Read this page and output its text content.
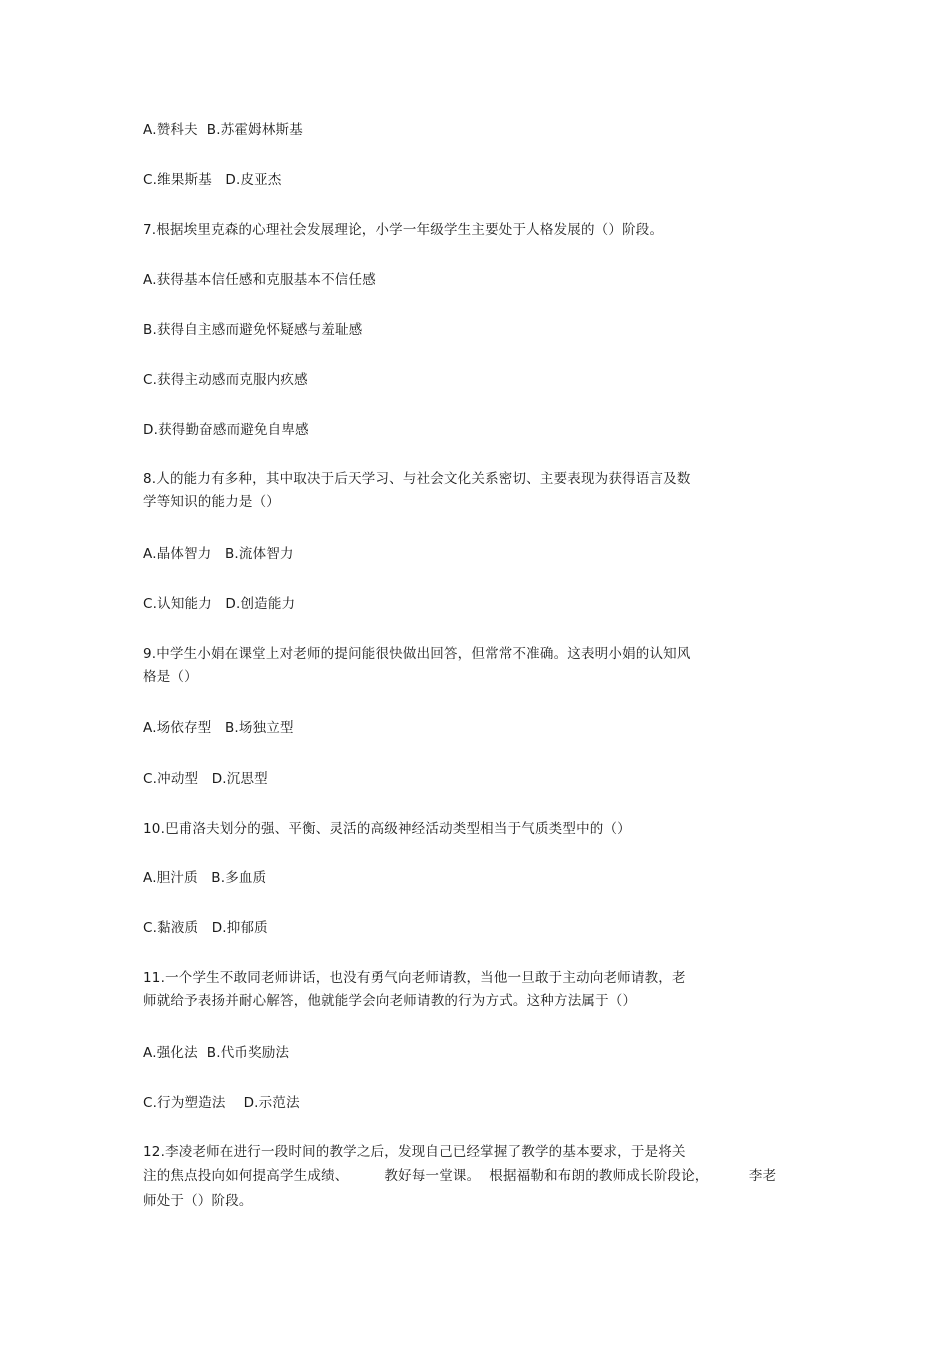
A.赞科夫  B.苏霍姆林斯基
C.维果斯基   D.皮亚杰
7.根据埃里克森的心理社会发展理论，小学一年级学生主要处于人格发展的（）阶段。
A.获得基本信任感和克服基本不信任感
B.获得自主感而避免怀疑感与羞耻感
C.获得主动感而克服内疚感
D.获得勤奋感而避免自卑感
8.人的能力有多种，其中取决于后天学习、与社会文化关系密切、主要表现为获得语言及数
学等知识的能力是（）
A.晶体智力   B.流体智力
C.认知能力   D.创造能力
9.中学生小娟在课堂上对老师的提问能很快做出回答，但常常不准确。这表明小娟的认知风
格是（）
A.场依存型   B.场独立型
C.冲动型   D.沉思型
10.巴甫洛夫划分的强、平衡、灵活的高级神经活动类型相当于气质类型中的（）
A.胆汁质   B.多血质
C.黏液质   D.抑郁质
11.一个学生不敢同老师讲话，也没有勇气向老师请教，当他一旦敢于主动向老师请教，老
师就给予表扬并耐心解答，他就能学会向老师请教的行为方式。这种方法属于（）
A.强化法  B.代币奖励法
C.行为塑造法    D.示范法
12.李凌老师在进行一段时间的教学之后，发现自己已经掌握了教学的基本要求，于是将关
注的焦点投向如何提高学生成绩、        教好每一堂课。  根据福勒和布朗的教师成长阶段论，         李老
师处于（）阶段。
